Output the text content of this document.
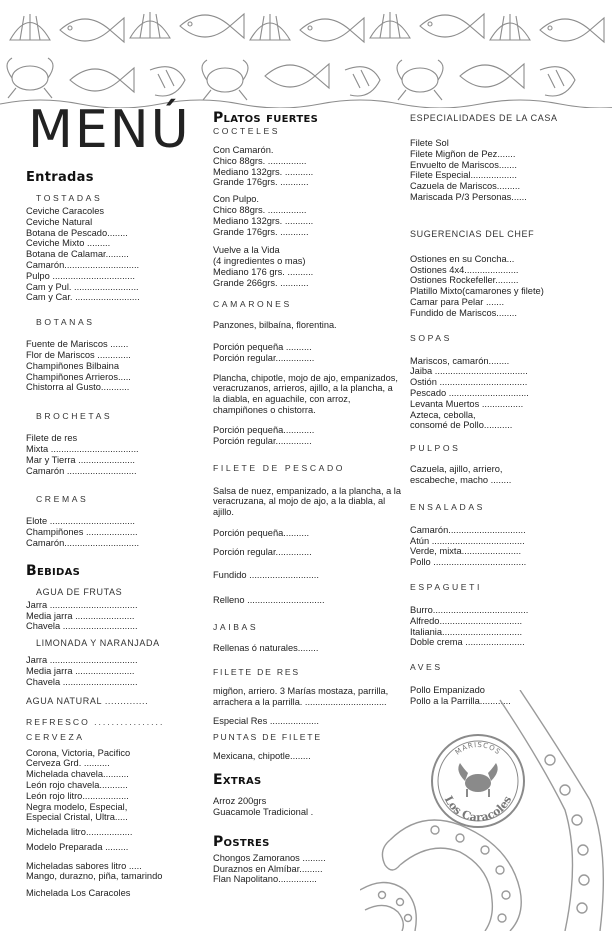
MENÚ
Entradas
TOSTADAS
Ceviche Caracoles
Ceviche Natural
Botana de Pescado........
Ceviche Mixto .........
Botana de Calamar.........
Camarón.............................
Pulpo ................................
Cam y Pul. .........................
Cam y Car. .........................
BOTANAS
Fuente de Mariscos .......
Flor de Mariscos .............
Champiñones Bilbaina
Champiñones Arrieros.....
Chistorra al Gusto...........
BROCHETAS
Filete de res
Mixta ..................................
Mar y Tierra ......................
Camarón ...........................
CREMAS
Elote .................................
Champiñones ....................
Camarón.............................
Bebidas
AGUA DE FRUTAS
Jarra ..................................
Media jarra .......................
Chavela .............................
LIMONADA Y NARANJADA
Jarra ..................................
Media jarra .......................
Chavela .............................
AGUA NATURAL ..............
REFRESCO ................
CERVEZA
Corona, Victoria, Pacifico
Cerveza Grd. ..........
Michelada chavela..........
León rojo chavela...........
León rojo litro..................
Negra modelo, Especial,
Especial Cristal, Ultra.....
Michelada litro..................
Modelo Preparada .........
Micheladas sabores litro .....
Mango, durazno, piña, tamarindo
Michelada Los Caracoles
Platos fuertes
COCTELES
Con Camarón.
Chico 88grs. ...............
Mediano 132grs. ...........
Grande 176grs. ...........
Con Pulpo.
Chico 88grs. ...............
Mediano 132grs. ...........
Grande 176grs. ...........
Vuelve a la Vida
(4 ingredientes o mas)
Mediano 176 grs. ..........
Grande 266grs. ...........
CAMARONES

Panzones, bilbaína, florentina.

Porción pequeña ..........
Porción regular...............

Plancha, chipotle, mojo de ajo, empanizados, veracruzanos, arrieros, ajillo, a la plancha, a la diabla, en aguachile, con arroz, champiñones o chistorra.

Porción pequeña............
Porción regular..............
FILETE DE PESCADO

Salsa de nuez, empanizado, a la plancha, a la veracruzana, al mojo de ajo, a la diabla, al ajillo.

Porción pequeña..........
Porción regular..............
Fundido ...........................
Relleno ..............................
JAIBAS
Rellenas ó naturales........
FILETE DE RES

migñon, arriero. 3 Marías mostaza, parrilla, arrachera a la parrilla. ................................

Especial Res ...................
PUNTAS DE FILETE
Mexicana, chipotle........
Extras
Arroz 200grs
Guacamole Tradicional .
Postres
Chongos Zamoranos .........
Duraznos en Almíbar.........
Flan Napolitano...............
ESPECIALIDADES DE LA CASA
Filete Sol
Filete Migñon de Pez.......
Envuelto de Mariscos.......
Filete Especial..................
Cazuela de Mariscos.........
Mariscada P/3 Personas......
SUGERENCIAS DEL CHEF
Ostiones en su Concha...
Ostiones 4x4.....................
Ostiones Rockefeller.........
Platillo Mixto(camarones y filete)
Camar para Pelar .......
Fundido de Mariscos........
SOPAS
Mariscos, camarón........
Jaiba ....................................
Ostión ..................................
Pescado ...............................
Levanta Muertos ................
Azteca, cebolla,
consomé de Pollo...........
PULPOS
Cazuela, ajillo, arriero,
escabeche, macho ........
ENSALADAS
Camarón..............................
Atún ....................................
Verde, mixta.......................
Pollo ....................................
ESPAGUETI
Burro.....................................
Alfredo................................
Italiania...............................
Doble crema .......................
AVES
Pollo Empanizado
Pollo a la Parrilla............
MARISCOS
Los Caracoles
